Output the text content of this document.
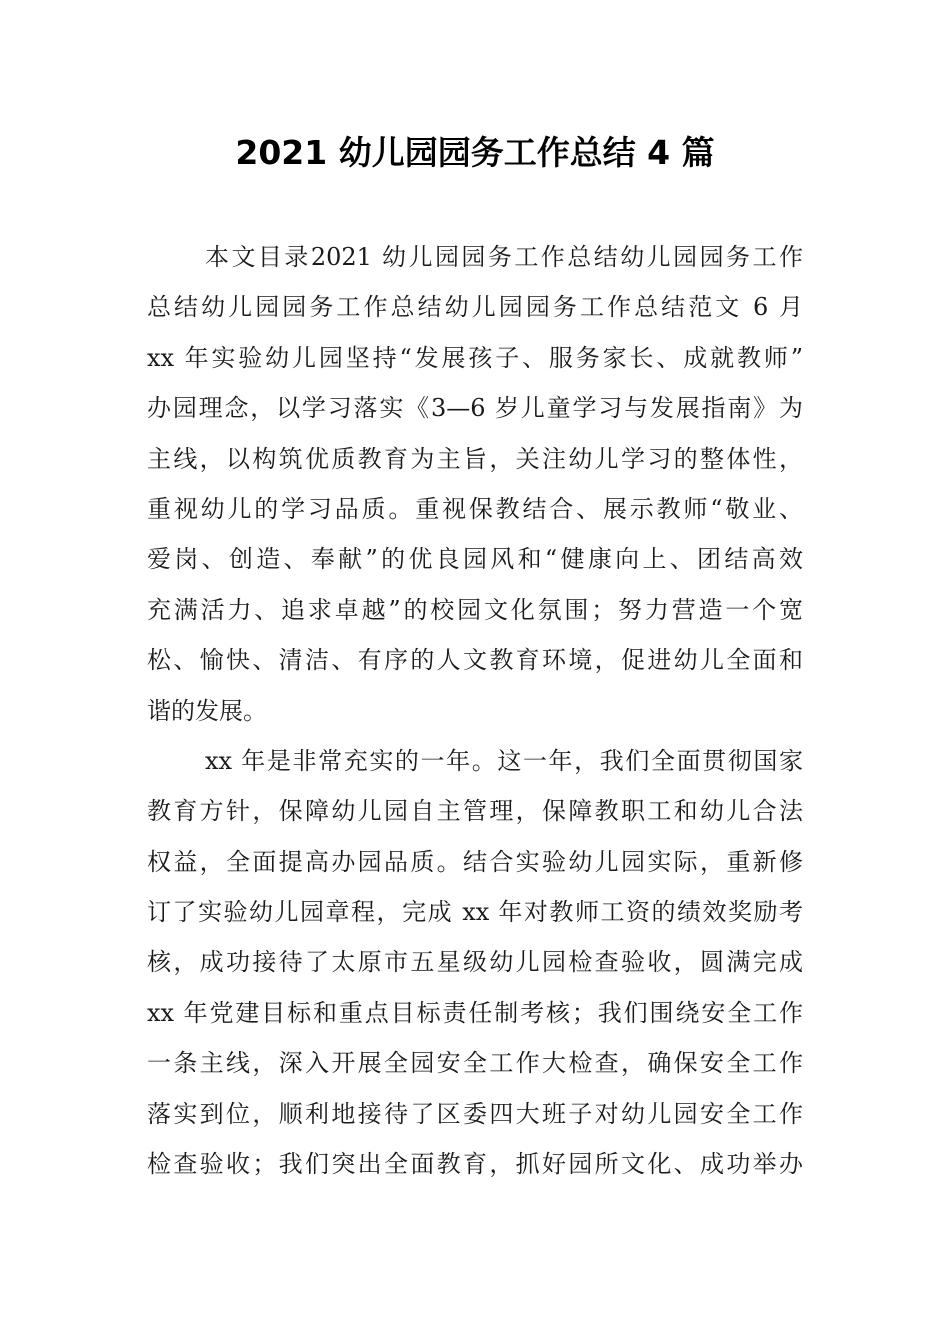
2021 幼儿园园务工作总结 4 篇
本文目录2021 幼儿园园务工作总结幼儿园园务工作
总结幼儿园园务工作总结幼儿园园务工作总结范文 6 月
xx 年实验幼儿园坚持“发展孩子、服务家长、成就教师”
办园理念，以学习落实《3—6 岁儿童学习与发展指南》为
主线，以构筑优质教育为主旨，关注幼儿学习的整体性，
重视幼儿的学习品质。重视保教结合、展示教师“敬业、
爱岗、创造、奉献”的优良园风和“健康向上、团结高效
充满活力、追求卓越”的校园文化氛围；努力营造一个宽
松、愉快、清洁、有序的人文教育环境，促进幼儿全面和
谐的发展。
xx 年是非常充实的一年。这一年，我们全面贯彻国家
教育方针，保障幼儿园自主管理，保障教职工和幼儿合法
权益，全面提高办园品质。结合实验幼儿园实际，重新修
订了实验幼儿园章程，完成 xx 年对教师工资的绩效奖励考
核，成功接待了太原市五星级幼儿园检查验收，圆满完成
xx 年党建目标和重点目标责任制考核；我们围绕安全工作
一条主线，深入开展全园安全工作大检查，确保安全工作
落实到位，顺利地接待了区委四大班子对幼儿园安全工作
检查验收；我们突出全面教育，抓好园所文化、成功举办
